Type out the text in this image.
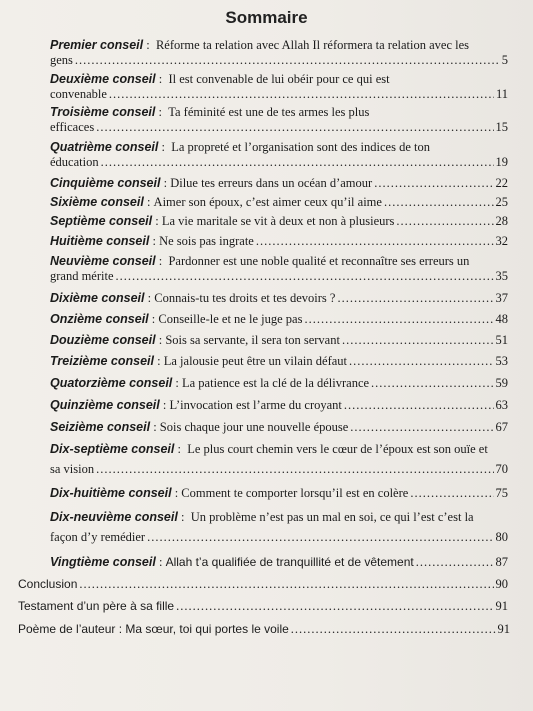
Sommaire
Premier conseil : Réforme ta relation avec Allah Il réformera ta relation avec les
gens .....	5
Deuxième conseil : Il est convenable de lui obéir pour ce qui est
convenable .....	11
Troisième conseil : Ta féminité est une de tes armes les plus
efficaces .....	15
Quatrième conseil : La propreté et l’organisation sont des indices de ton
éducation .....	19
Cinquième conseil : Dilue tes erreurs dans un océan d’amour .....	22
Sixième conseil : Aimer son époux, c’est aimer ceux qu’il aime .....	25
Septième conseil : La vie maritale se vit à deux et non à plusieurs .....	28
Huitième conseil : Ne sois pas ingrate .....	32
Neuvième conseil : Pardonner est une noble qualité et reconnaître ses erreurs un
grand mérite .....	35
Dixième conseil : Connais-tu tes droits et tes devoirs ? .....	37
Onzième conseil : Conseille-le et ne le juge pas .....	48
Douzième conseil : Sois sa servante, il sera ton servant .....	51
Treizième conseil : La jalousie peut être un vilain défaut .....	53
Quatorzième conseil : La patience est la clé de la délivrance .....	59
Quinzième conseil : L’invocation est l’arme du croyant .....	63
Seizième conseil : Sois chaque jour une nouvelle épouse .....	67
Dix-septième conseil : Le plus court chemin vers le cœur de l’époux est son ouïe et
sa vision .....	70
Dix-huitième conseil : Comment te comporter lorsqu’il est en colère .....	75
Dix-neuvième conseil : Un problème n’est pas un mal en soi, ce qui l’est c’est la
façon d’y remédier .....	80
Vingtième conseil : Allah t’a qualifiée de tranquillité et de vêtement .....	87
Conclusion .....	90
Testament d’un père à sa fille .....	91
Poème de l’auteur : Ma sœur, toi qui portes le voile .....	91
